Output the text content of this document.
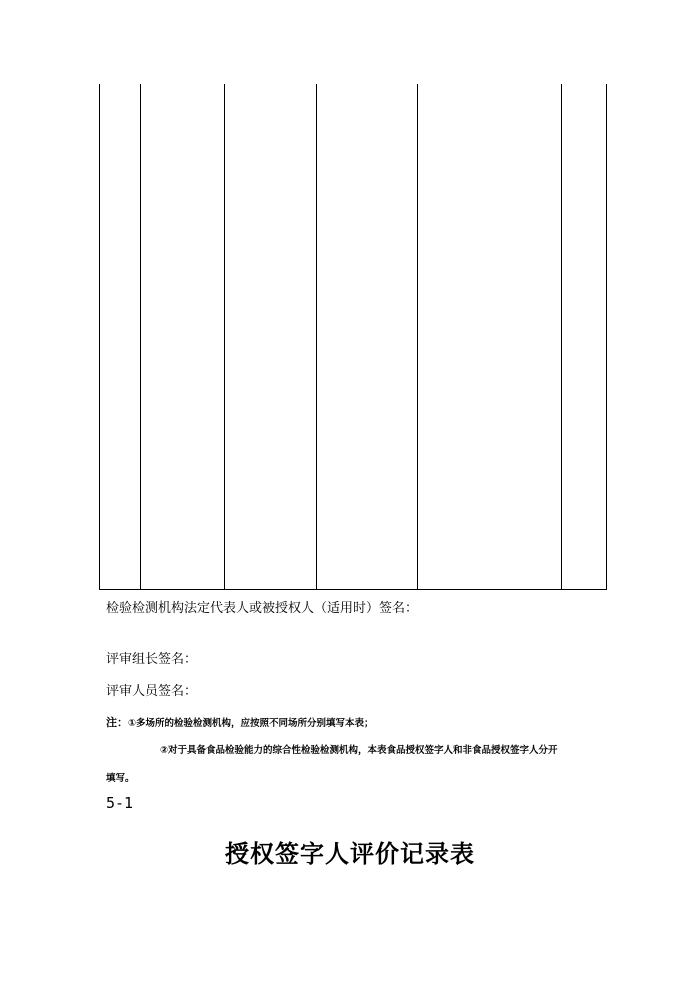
检验检测机构法定代表人或被授权人（适用时）签名：
评审组长签名：
评审人员签名：
注：①多场所的检验检测机构，应按照不同场所分别填写本表；
②对于具备食品检验能力的综合性检验检测机构，本表食品授权签字人和非食品授权签字人分开
填写。
5-1
授权签字人评价记录表
